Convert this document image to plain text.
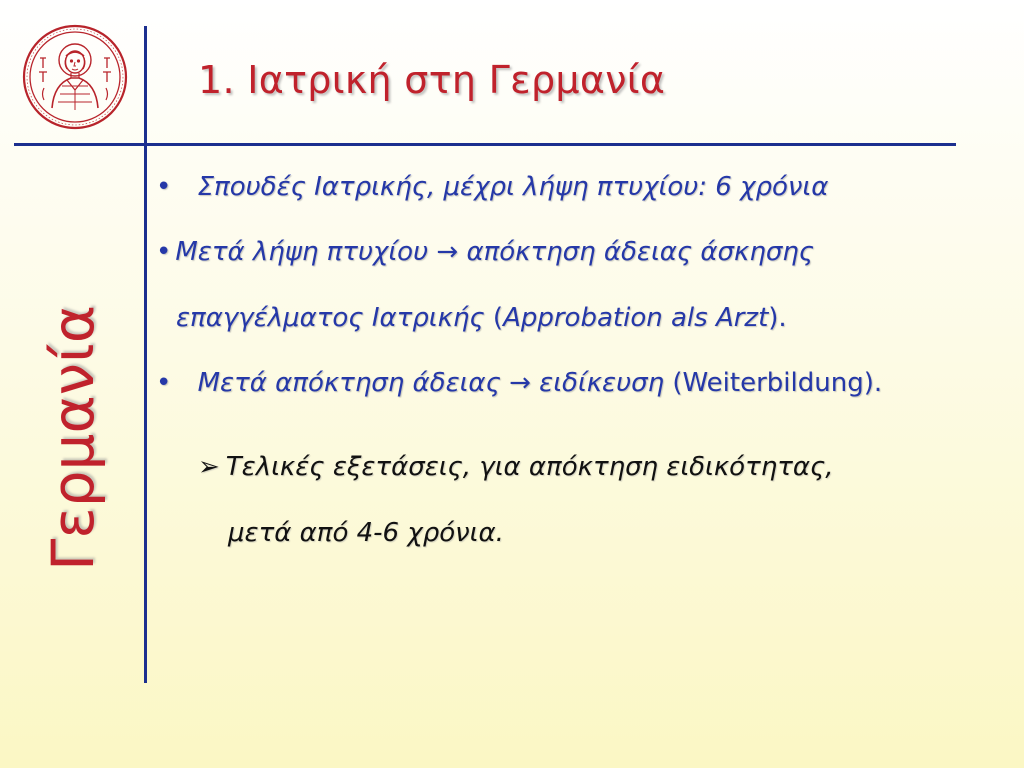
1. Ιατρική στη Γερμανία
Γερμανία
• Σπουδές Ιατρικής, μέχρι λήψη πτυχίου: 6 χρόνια
• Μετά λήψη πτυχίου → απόκτηση άδειας άσκησης
επαγγέλματος Ιατρικής (Approbation als Arzt).
• Μετά απόκτηση άδειας → ειδίκευση (Weiterbildung).
➢ Τελικές εξετάσεις, για απόκτηση ειδικότητας,
μετά από 4-6 χρόνια.
